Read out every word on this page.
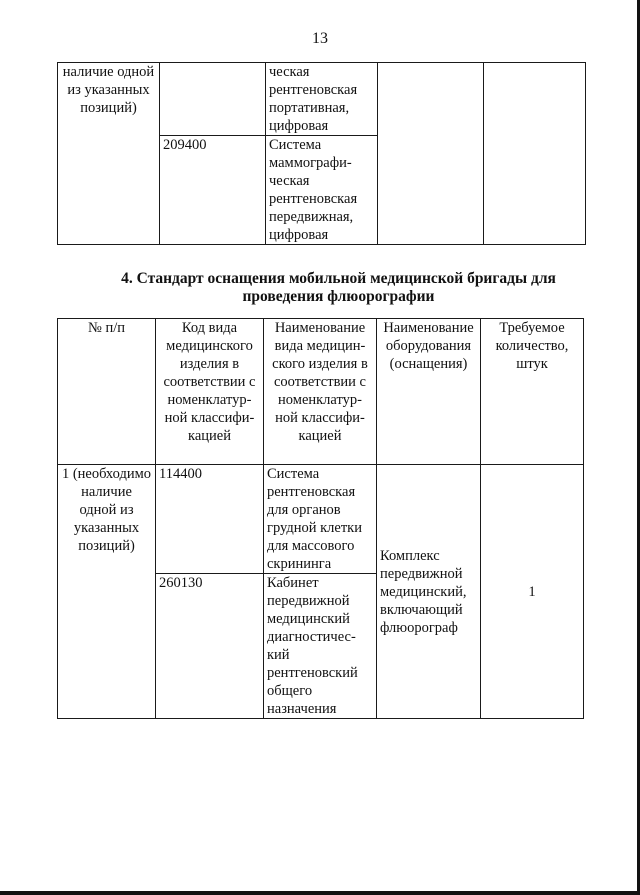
13
наличие одной из указанных позиций)		ческая рентгеновская портативная, цифровая		
	209400	Система маммографи-ческая рентгеновская передвижная, цифровая		
4. Стандарт оснащения мобильной медицинской бригады для проведения флюорографии
№ п/п	Код вида медицинского изделия в соответствии с номенклатур-ной классифи-кацией	Наименование вида медицин-ского изделия в соответствии с номенклатур-ной классифи-кацией	Наименование оборудования (оснащения)	Требуемое количество, штук
1 (необходимо наличие одной из указанных позиций)	114400	Система рентгеновская для органов грудной клетки для массового скрининга	Комплекс передвижной медицинский, включающий флюорограф	1
	260130	Кабинет передвижной медицинский диагностичес-кий рентгеновский общего назначения		
